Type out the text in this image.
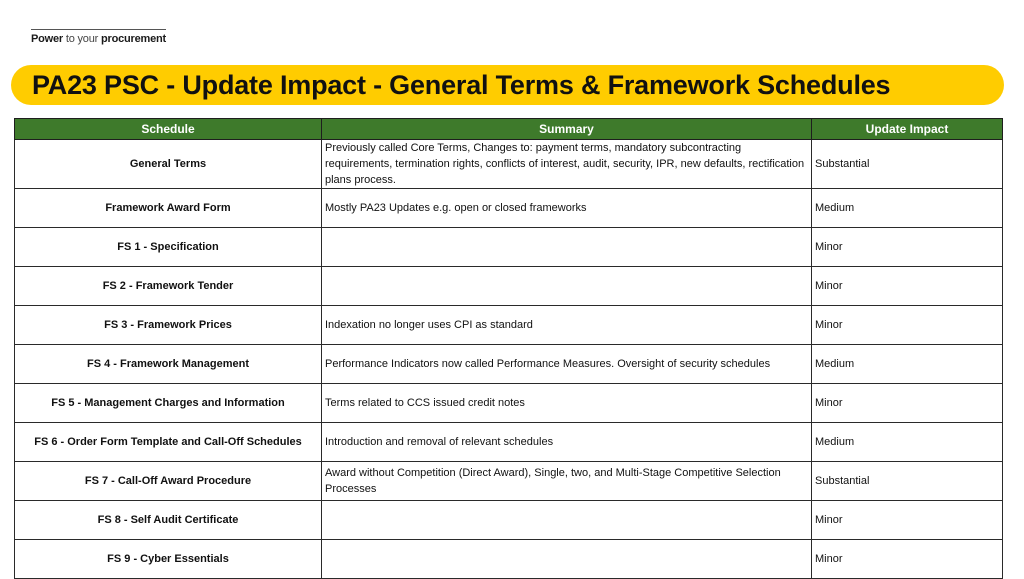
Power to your procurement
PA23 PSC - Update Impact - General Terms & Framework Schedules
Schedule	Summary	Update Impact
General Terms	Previously called Core Terms, Changes to: payment terms, mandatory subcontracting requirements, termination rights, conflicts of interest, audit, security, IPR, new defaults, rectification plans process.	Substantial
Framework Award Form	Mostly PA23 Updates e.g. open or closed frameworks	Medium
FS 1 - Specification		Minor
FS 2 - Framework Tender		Minor
FS 3 - Framework Prices	Indexation no longer uses CPI as standard	Minor
FS 4 - Framework Management	Performance Indicators now called Performance Measures. Oversight of security schedules	Medium
FS 5 - Management Charges and Information	Terms related to CCS issued credit notes	Minor
FS 6 - Order Form Template and Call-Off Schedules	Introduction and removal of relevant schedules	Medium
FS 7 - Call-Off Award Procedure	Award without Competition (Direct Award), Single, two, and Multi-Stage Competitive Selection Processes	Substantial
FS 8 - Self Audit Certificate		Minor
FS 9 - Cyber Essentials		Minor
